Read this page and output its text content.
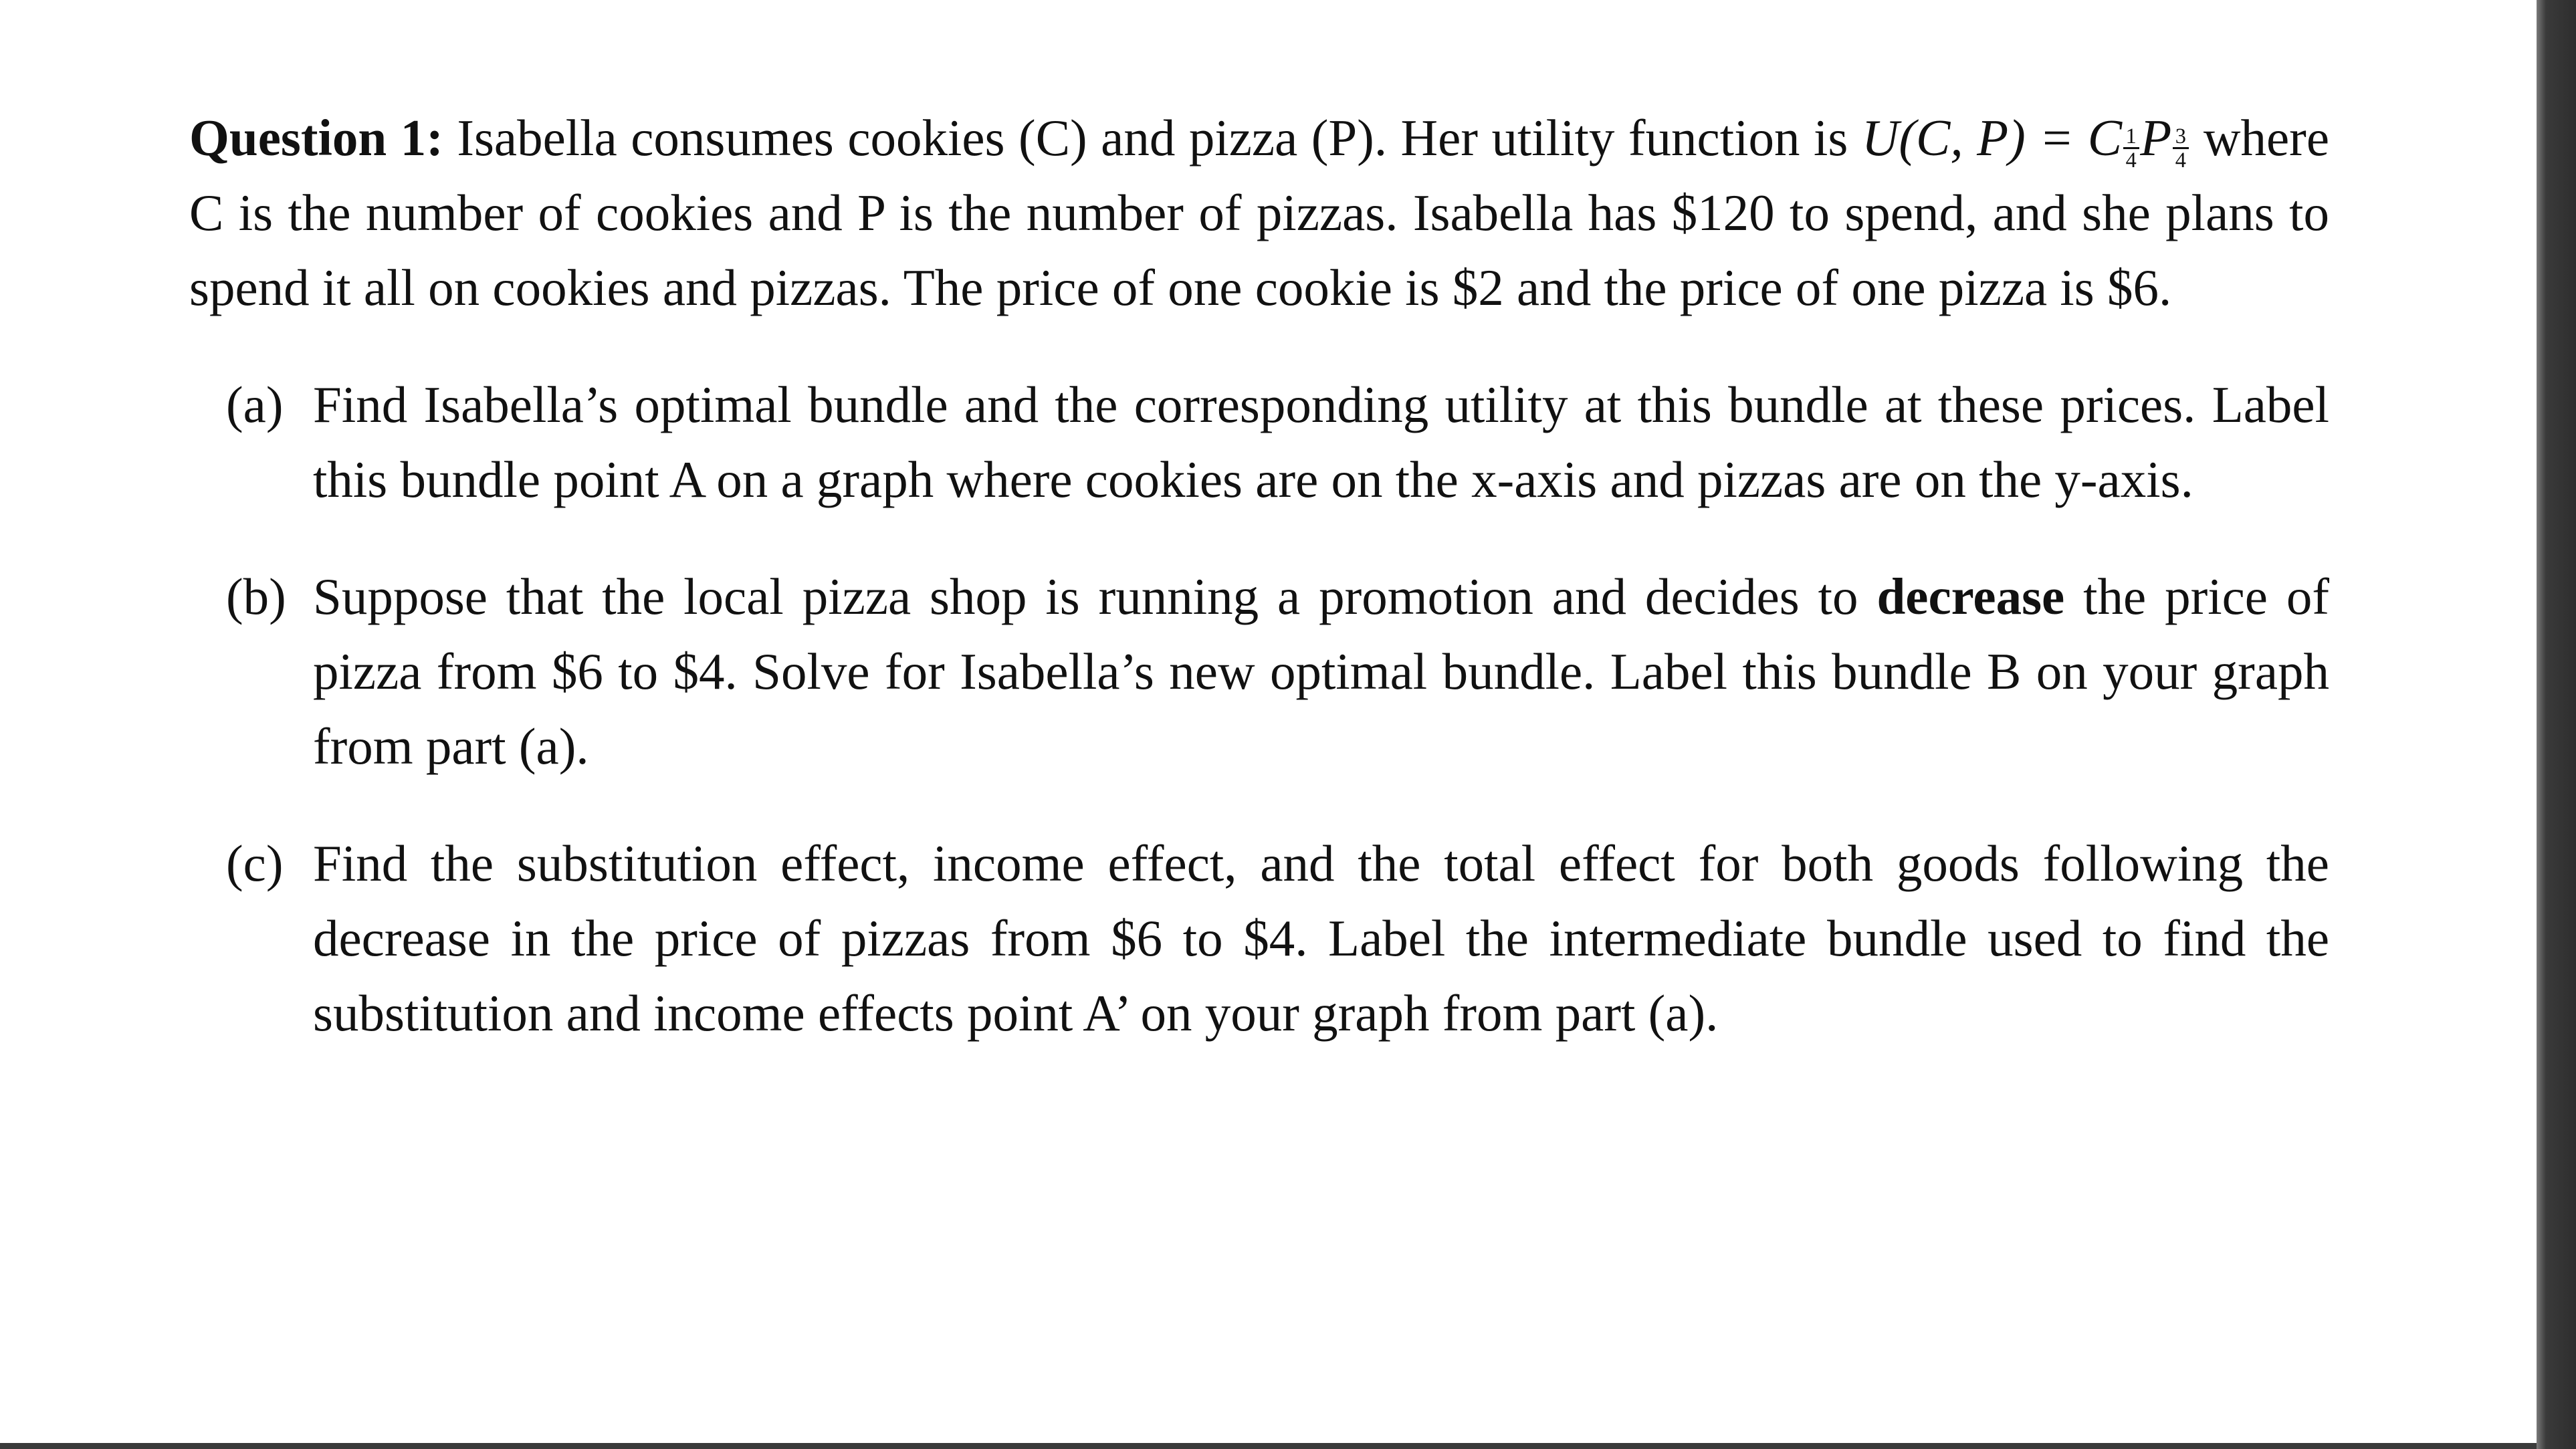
Question 1: Isabella consumes cookies (C) and pizza (P). Her utility function is U(C, P) = C $\frac{1}{4}$ P $\frac{3}{4}$ where C is the number of cookies and P is the number of pizzas. Isabella has $120 to spend, and she plans to spend it all on cookies and pizzas. The price of one cookie is $2 and the price of one pizza is $6.

(a) Find Isabella’s optimal bundle and the corresponding utility at this bundle at these prices. Label this bundle point A on a graph where cookies are on the x-axis and pizzas are on the y-axis.

(b) Suppose that the local pizza shop is running a promotion and decides to decrease the price of pizza from $6 to $4. Solve for Isabella’s new optimal bundle. Label this bundle B on your graph from part (a).

(c) Find the substitution effect, income effect, and the total effect for both goods following the decrease in the price of pizzas from $6 to $4. Label the intermediate bundle used to find the substitution and income effects point A’ on your graph from part (a).
